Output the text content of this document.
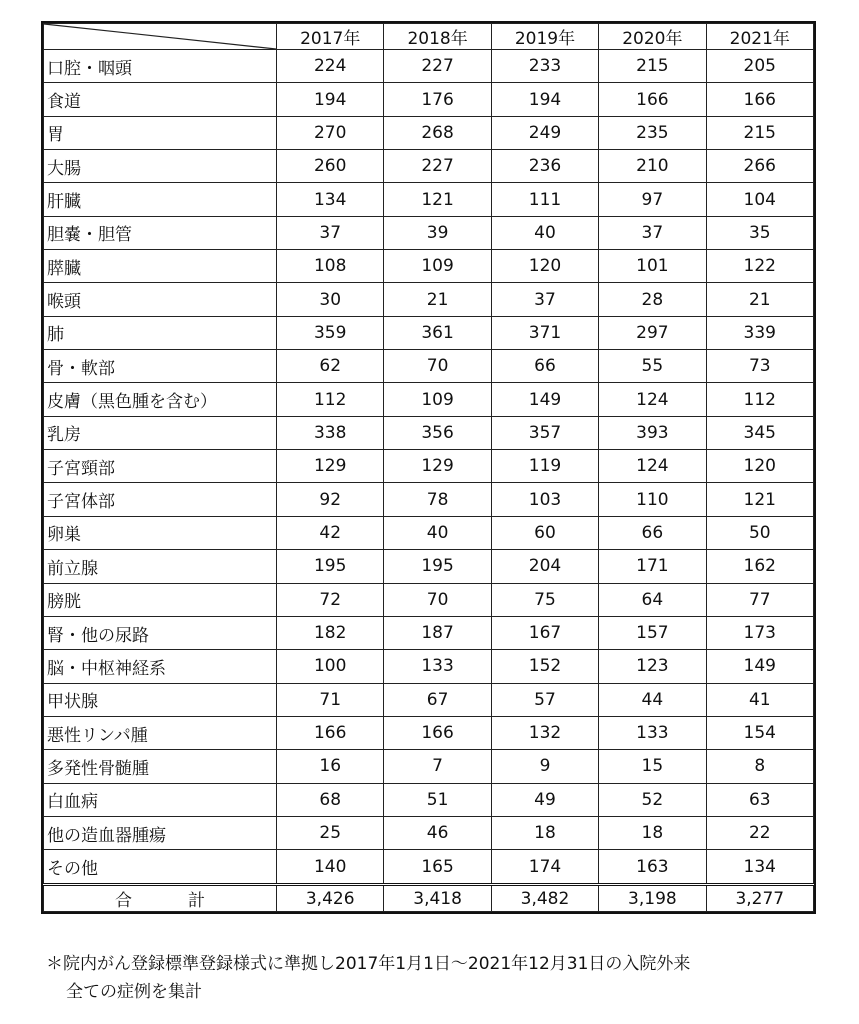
	2017年	2018年	2019年	2020年	2021年
口腔・咽頭	224	227	233	215	205
食道	194	176	194	166	166
胃	270	268	249	235	215
大腸	260	227	236	210	266
肝臓	134	121	111	97	104
胆嚢・胆管	37	39	40	37	35
膵臓	108	109	120	101	122
喉頭	30	21	37	28	21
肺	359	361	371	297	339
骨・軟部	62	70	66	55	73
皮膚（黒色腫を含む）	112	109	149	124	112
乳房	338	356	357	393	345
子宮頸部	129	129	119	124	120
子宮体部	92	78	103	110	121
卵巣	42	40	60	66	50
前立腺	195	195	204	171	162
膀胱	72	70	75	64	77
腎・他の尿路	182	187	167	157	173
脳・中枢神経系	100	133	152	123	149
甲状腺	71	67	57	44	41
悪性リンパ腫	166	166	132	133	154
多発性骨髄腫	16	7	9	15	8
白血病	68	51	49	52	63
他の造血器腫瘍	25	46	18	18	22
その他	140	165	174	163	134
合 計	3,426	3,418	3,482	3,198	3,277
＊院内がん登録標準登録様式に準拠し2017年1月1日～2021年12月31日の入院外来
全ての症例を集計
